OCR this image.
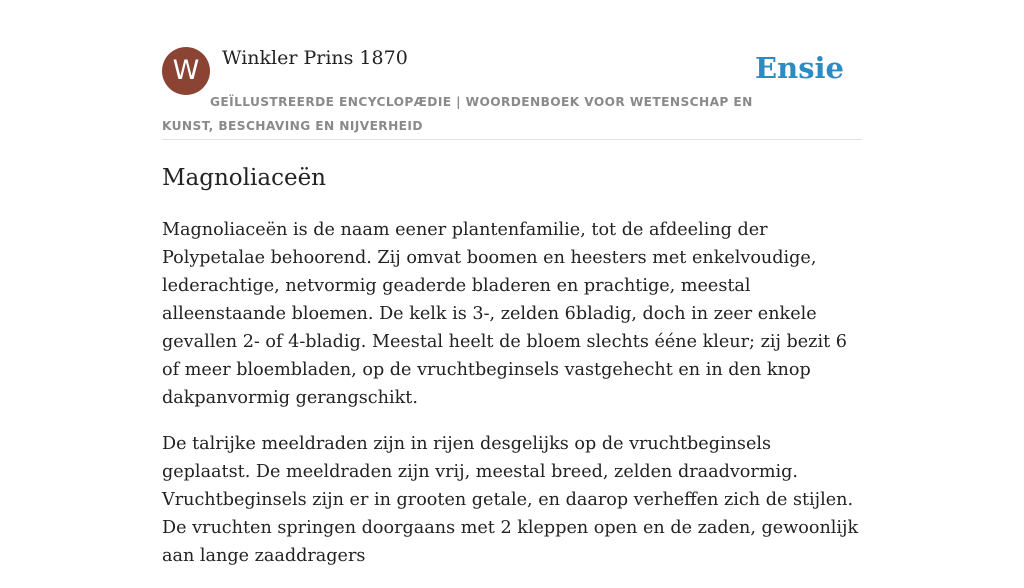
W	Winkler Prins 1870
GEÏLLUSTREERDE ENCYCLOPÆDIE | WOORDENBOEK VOOR WETENSCHAP EN KUNST, BESCHAVING EN NIJVERHEID
Ensie
Magnoliaceën

Magnoliaceën is de naam eener plantenfamilie, tot de afdeeling der Polypetalae behoorend. Zij omvat boomen en heesters met enkelvoudige, lederachtige, netvormig geaderde bladeren en prachtige, meestal alleenstaande bloemen. De kelk is 3-, zelden 6bladig, doch in zeer enkele gevallen 2- of 4-bladig. Meestal heelt de bloem slechts ééne kleur; zij bezit 6 of meer bloembladen, op de vruchtbeginsels vastgehecht en in den knop dakpanvormig gerangschikt.

De talrijke meeldraden zijn in rijen desgelijks op de vruchtbeginsels geplaatst. De meeldraden zijn vrij, meestal breed, zelden draadvormig. Vruchtbeginsels zijn er in grooten getale, en daarop verheffen zich de stijlen. De vruchten springen doorgaans met 2 kleppen open en de zaden, gewoonlijk aan lange zaaddragers
